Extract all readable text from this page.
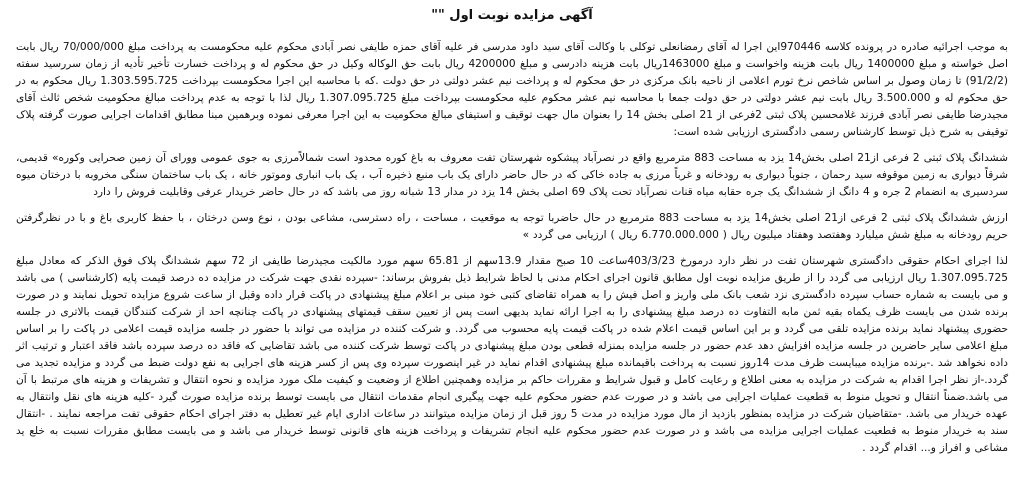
آگهی مزایده نوبت اول ""

به موجب اجرائیه صادره در پرونده کلاسه 970446این اجرا له آقای رمضانعلی توکلی با وکالت آقای سید داود مدرسی فر علیه آقای حمزه طایفی نصر آبادی محکوم علیه محکومست به پرداخت مبلغ 70/000/000 ریال بابت اصل خواسته و مبلغ 1400000 ریال بابت هزینه واخواست و مبلغ 1463000ریال بابت هزینه دادرسی و مبلغ 4200000 ریال بابت حق الوکاله وکیل در حق محکوم له و پرداخت خسارت تأخیر تأدیه از زمان سررسید سفته (91/2/2) تا زمان وصول بر اساس شاخص نرخ تورم اعلامی از ناحیه بانک مرکزی در حق محکوم له و پرداخت نیم عشر دولتی در حق دولت .که با محاسبه این اجرا محکومست بپرداخت 1.303.595.725 ریال محکوم به در حق محکوم له و 3.500.000 ریال بابت نیم عشر دولتی در حق دولت جمعا با محاسبه نیم عشر محکوم علیه محکومست بپرداخت مبلغ 1.307.095.725 ریال لذا با توجه به عدم پرداخت مبالغ محکومیت شخص ثالث آقای مجیدرضا طایفی نصر آبادی فرزند غلامحسین پلاک ثبتی 2فرعی از 21 اصلی بخش 14 را بعنوان مال جهت توقیف و استیفای مبالغ محکومیت به این اجرا معرفی نموده وبرهمین مبنا مطابق اقدامات اجرایی صورت گرفته پلاک توقیفی به شرح ذیل توسط کارشناس رسمی دادگستری ارزیابی شده است:

ششدانگ پلاک ثبتی 2 فرعی از21 اصلی بخش14 یزد به مساحت 883 مترمربع واقع در نصرآباد پیشکوه شهرستان تفت معروف به باغ کوره محدود است شمالاًمرزی به جوی عمومی وورای آن زمین صحرایی وکوره» قدیمی، شرقاً دیواری به زمین موقوفه سید رحمان ، جنوباً دیواری به رودخانه و غرباً مرزی به جاده خاکی که در حال حاضر دارای یک باب منبع ذخیره آب ، یک باب انباری وموتور خانه ، یک باب ساختمان سنگی مخروبه با درختان میوه سردسیری به انضمام 2 جره و 4 دانگ از ششدانگ یک جره حقابه میاه قنات نصرآباد تحت پلاک 69 اصلی بخش 14 یزد در مدار 13 شبانه روز می باشد که در حال حاضر خریدار عرفی وقابلیت فروش را دارد

ارزش ششدانگ پلاک ثبتی 2 فرعی از21 اصلی بخش14 یزد به مساحت 883 مترمربع در حال حاضربا توجه به موقعیت ، مساحت ، راه دسترسی، مشاعی بودن ، نوع وسن درختان ، با حفظ کاربری باغ و با در نظرگرفتن حریم رودخانه به مبلغ شش میلیارد وهفتصد وهفتاد میلیون ریال ( 6.770.000.000 ریال ) ارزیابی می گردد »

لذا اجرای احکام حقوقی دادگستری شهرستان تفت در نظر دارد درمورخ 403/3/23ساعت 10 صبح مقدار 13.9سهم از 65.81 سهم مورد مالکیت مجیدرضا طایفی از 72 سهم ششدانگ پلاک فوق الذکر که معادل مبلغ 1.307.095.725 ریال ارزیابی می گردد را از طریق مزایده نوبت اول مطابق قانون اجرای احکام مدنی با لحاظ شرایط ذیل بفروش برساند: -سپرده نقدی جهت شرکت در مزایده ده درصد قیمت پایه (کارشناسی ) می باشد و می بایست به شماره حساب سپرده دادگستری نزد شعب بانک ملی واریز و اصل فیش را به همراه تقاضای کتبی خود مبنی بر اعلام مبلغ پیشنهادی در پاکت قرار داده وقبل از ساعت شروع مزایده تحویل نمایند و در صورت برنده شدن می بایست ظرف یکماه بقیه ثمن مابه التفاوت ده درصد مبلغ پیشنهادی را به اجرا ارائه نماید بدیهی است پس از تعیین سقف قیمتهای پیشنهادی در پاکت چنانچه احد از شرکت کنندگان قیمت بالاتری در جلسه حضوری پیشنهاد نماید برنده مزایده تلقی می گردد و بر این اساس قیمت اعلام شده در پاکت قیمت پایه محسوب می گردد. و شرکت کننده در مزایده می تواند با حضور در جلسه مزایده قیمت اعلامی در پاکت را بر اساس مبلغ اعلامی سایر حاضرین در جلسه مزایده افزایش دهد عدم حضور در جلسه مزایده بمنزله قطعی بودن مبلغ پیشنهادی در پاکت توسط شرکت کننده می باشد تقاضایی که فاقد ده درصد سپرده باشد فاقد اعتبار و ترتیب اثر داده نخواهد شد .-برنده مزایده میبایست ظرف مدت 14روز نسبت به پرداخت باقیمانده مبلغ پیشنهادی اقدام نماید در غیر اینصورت سپرده وی پس از کسر هزینه های اجرایی به نفع دولت ضبط می گردد و مزایده تجدید می گردد.-از نظر اجرا اقدام به شرکت در مزایده به معنی اطلاع و رعایت کامل و قبول شرایط و مقررات حاکم بر مزایده وهمچنین اطلاع از وضعیت و کیفیت ملک مورد مزایده و نحوه انتقال و تشریفات و هزینه های مرتبط با آن می باشد.ضمناً انتقال و تحویل منوط به قطعیت عملیات اجرایی می باشد و در صورت عدم حضور محکوم علیه جهت پیگیری انجام مقدمات انتقال می بایست توسط برنده مزایده صورت گیرد -کلیه هزینه های نقل وانتقال به عهده خریدار می باشد. -متقاضیان شرکت در مزایده بمنظور بازدید از مال مورد مزایده در مدت 5 روز قبل از زمان مزایده میتوانند در ساعات اداری ایام غیر تعطیل به دفتر اجرای احکام حقوقی تفت مراجعه نمایند . -انتقال سند به خریدار منوط به قطعیت عملیات اجرایی مزایده می باشد و در صورت عدم حضور محکوم علیه انجام تشریفات و پرداخت هزینه های قانونی توسط خریدار می باشد و می بایست مطابق مقررات نسبت به خلع ید مشاعی و افراز و... اقدام گردد .
